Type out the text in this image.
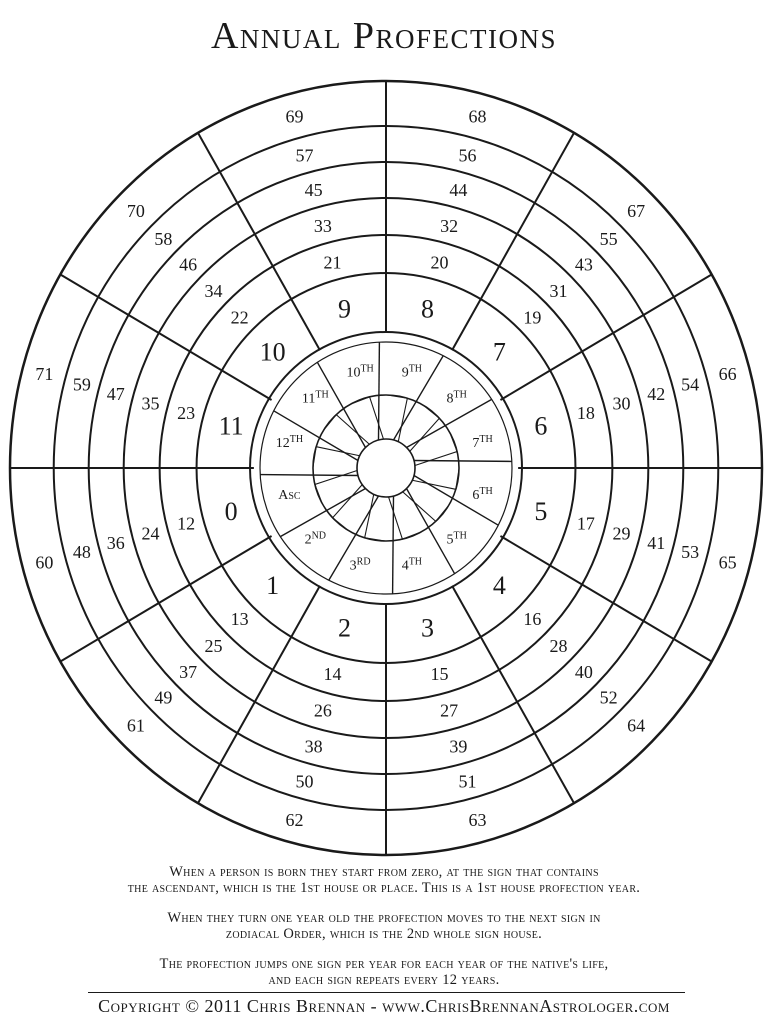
Annual Profections
0
1
2	3
4
5
6
7
8
9
10
11
12
13
14	15
16
17
18
19
20
21
22
23
24
25
26	27
28
29
30
31
32
33
34
35
36
37
38	39
40
41
42
43
44
45
46
47
48
49
50	51
52
53
54
55
56
57
58
59
60
61
62	63
64
65
66
67
68
69
70
71
Asc
2ND
3RD 4TH
5TH
6TH
7TH
8TH
9TH
10TH
11TH
12TH
When a person is born they start from zero, at the sign that contains
the ascendant, which is the 1st house or place. This is a 1st house profection year.
When they turn one year old the profection moves to the next sign in
zodiacal Order, which is the 2nd whole sign house.
The profection jumps one sign per year for each year of the native's life,
and each sign repeats every 12 years.
Copyright © 2011 Chris Brennan - www.ChrisBrennanAstrologer.com
